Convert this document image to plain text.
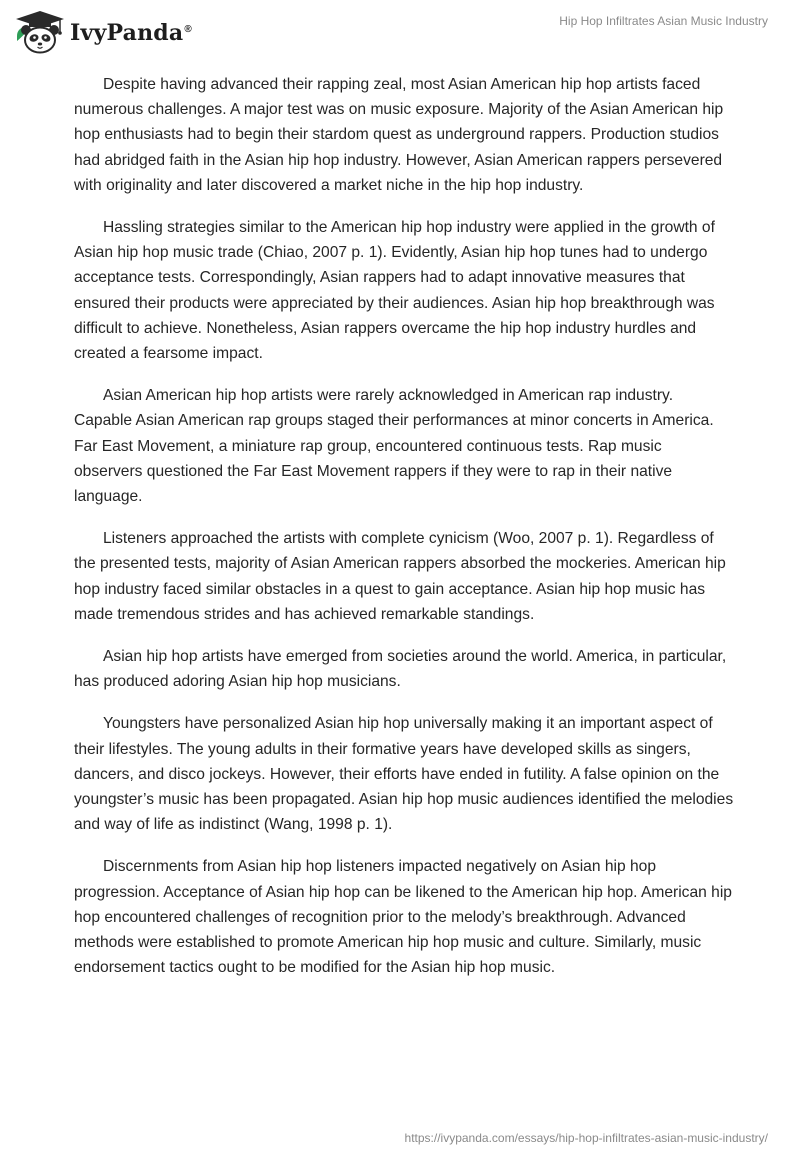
IvyPanda®
Hip Hop Infiltrates Asian Music Industry

Despite having advanced their rapping zeal, most Asian American hip hop artists faced numerous challenges. A major test was on music exposure. Majority of the Asian American hip hop enthusiasts had to begin their stardom quest as underground rappers. Production studios had abridged faith in the Asian hip hop industry. However, Asian American rappers persevered with originality and later discovered a market niche in the hip hop industry.

Hassling strategies similar to the American hip hop industry were applied in the growth of Asian hip hop music trade (Chiao, 2007 p. 1). Evidently, Asian hip hop tunes had to undergo acceptance tests. Correspondingly, Asian rappers had to adapt innovative measures that ensured their products were appreciated by their audiences. Asian hip hop breakthrough was difficult to achieve. Nonetheless, Asian rappers overcame the hip hop industry hurdles and created a fearsome impact.

Asian American hip hop artists were rarely acknowledged in American rap industry. Capable Asian American rap groups staged their performances at minor concerts in America. Far East Movement, a miniature rap group, encountered continuous tests. Rap music observers questioned the Far East Movement rappers if they were to rap in their native language.

Listeners approached the artists with complete cynicism (Woo, 2007 p. 1). Regardless of the presented tests, majority of Asian American rappers absorbed the mockeries. American hip hop industry faced similar obstacles in a quest to gain acceptance. Asian hip hop music has made tremendous strides and has achieved remarkable standings.

Asian hip hop artists have emerged from societies around the world. America, in particular, has produced adoring Asian hip hop musicians.

Youngsters have personalized Asian hip hop universally making it an important aspect of their lifestyles. The young adults in their formative years have developed skills as singers, dancers, and disco jockeys. However, their efforts have ended in futility. A false opinion on the youngster’s music has been propagated. Asian hip hop music audiences identified the melodies and way of life as indistinct (Wang, 1998 p. 1).

Discernments from Asian hip hop listeners impacted negatively on Asian hip hop progression. Acceptance of Asian hip hop can be likened to the American hip hop. American hip hop encountered challenges of recognition prior to the melody’s breakthrough. Advanced methods were established to promote American hip hop music and culture. Similarly, music endorsement tactics ought to be modified for the Asian hip hop music.

https://ivypanda.com/essays/hip-hop-infiltrates-asian-music-industry/
